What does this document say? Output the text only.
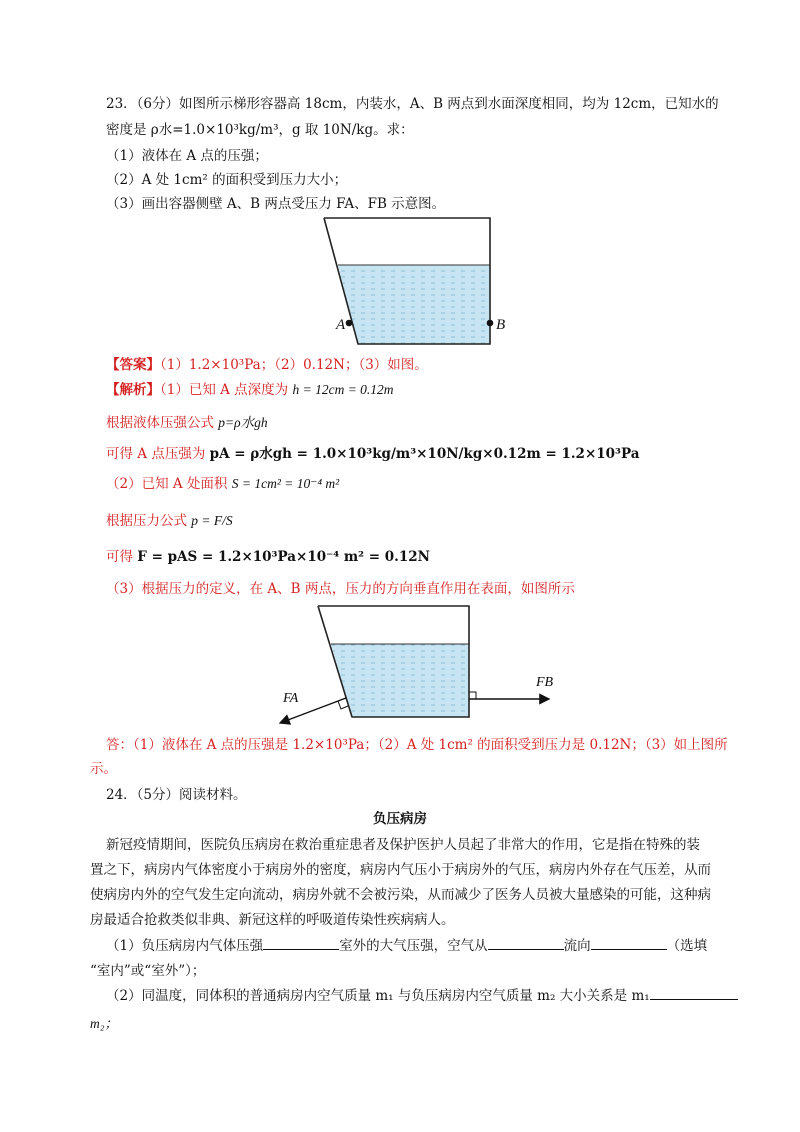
23．（6分）如图所示梯形容器高 18cm，内装水，A、B 两点到水面深度相同，均为 12cm，已知水的
密度是 ρ水=1.0×10³kg/m³，g 取 10N/kg。求：
（1）液体在 A 点的压强；
（2）A 处 1cm² 的面积受到压力大小；
（3）画出容器侧壁 A、B 两点受压力 FA、FB 示意图。
A	B
【答案】（1）1.2×10³Pa；（2）0.12N；（3）如图。
【解析】（1）已知 A 点深度为 h = 12cm = 0.12m
根据液体压强公式 p=ρ水gh
可得 A 点压强为 pA = ρ水gh = 1.0×10³kg/m³×10N/kg×0.12m = 1.2×10³Pa
（2）已知 A 处面积 S = 1cm² = 10⁻⁴ m²
根据压力公式 p = F/S
可得 F = pAS = 1.2×10³Pa×10⁻⁴ m² = 0.12N
（3）根据压力的定义，在 A、B 两点，压力的方向垂直作用在表面，如图所示
FA
FB
答：（1）液体在 A 点的压强是 1.2×10³Pa；（2）A 处 1cm² 的面积受到压力是 0.12N；（3）如上图所
示。
24．（5分）阅读材料。
负压病房
新冠疫情期间，医院负压病房在救治重症患者及保护医护人员起了非常大的作用，它是指在特殊的装
置之下，病房内气体密度小于病房外的密度，病房内气压小于病房外的气压，病房内外存在气压差，从而
使病房内外的空气发生定向流动，病房外就不会被污染，从而减少了医务人员被大量感染的可能，这种病
房最适合抢救类似非典、新冠这样的呼吸道传染性疾病病人。
（1）负压病房内气体压强	室外的大气压强，空气从	流向	（选填
“室内”或“室外”）；
（2）同温度，同体积的普通病房内空气质量 m₁ 与负压病房内空气质量 m₂ 大小关系是 m₁
m₂；
